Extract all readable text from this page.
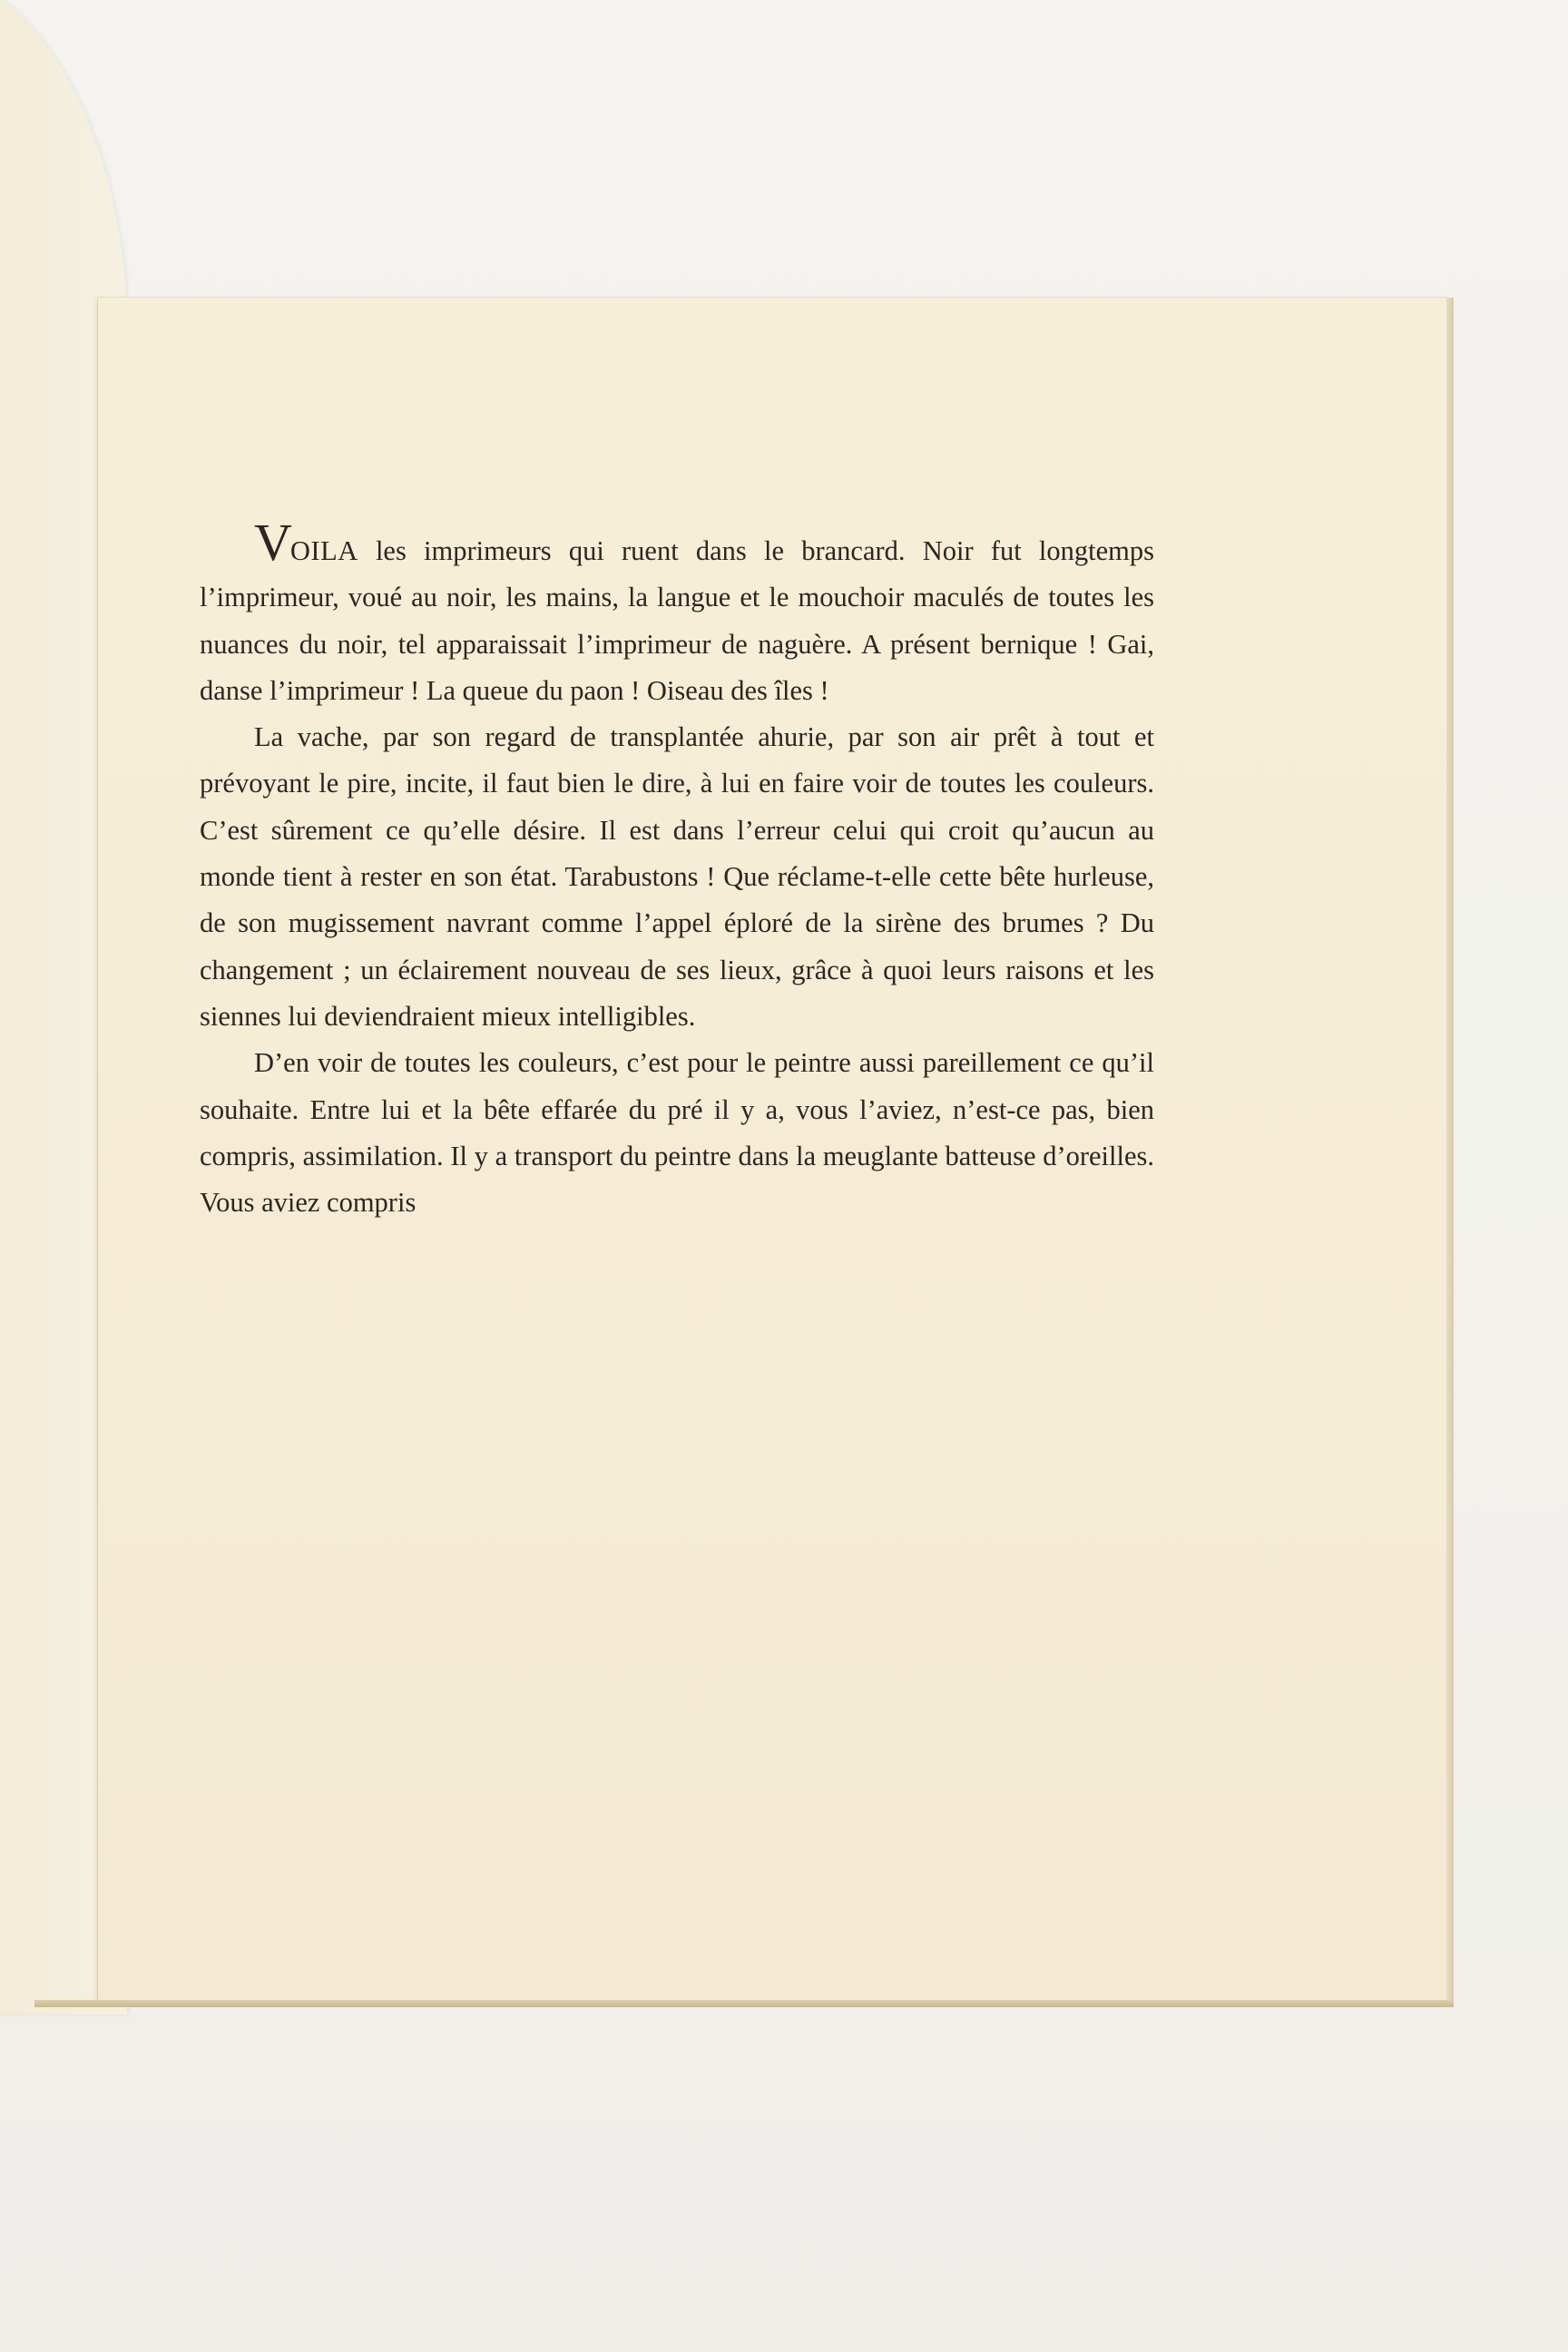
VOILA les imprimeurs qui ruent dans le brancard. Noir fut longtemps l’imprimeur, voué au noir, les mains, la langue et le mouchoir maculés de toutes les nuances du noir, tel apparaissait l’imprimeur de naguère. A présent bernique ! Gai, danse l’imprimeur ! La queue du paon ! Oiseau des îles !

La vache, par son regard de transplantée ahurie, par son air prêt à tout et prévoyant le pire, incite, il faut bien le dire, à lui en faire voir de toutes les couleurs. C’est sûrement ce qu’elle désire. Il est dans l’erreur celui qui croit qu’aucun au monde tient à rester en son état. Tarabustons ! Que réclame-t-elle cette bête hurleuse, de son mugissement navrant comme l’appel éploré de la sirène des brumes ? Du changement ; un éclairement nouveau de ses lieux, grâce à quoi leurs raisons et les siennes lui deviendraient mieux intelligibles.

D’en voir de toutes les couleurs, c’est pour le peintre aussi pareillement ce qu’il souhaite. Entre lui et la bête effarée du pré il y a, vous l’aviez, n’est-ce pas, bien compris, assimilation. Il y a transport du peintre dans la meuglante batteuse d’oreilles. Vous aviez compris
